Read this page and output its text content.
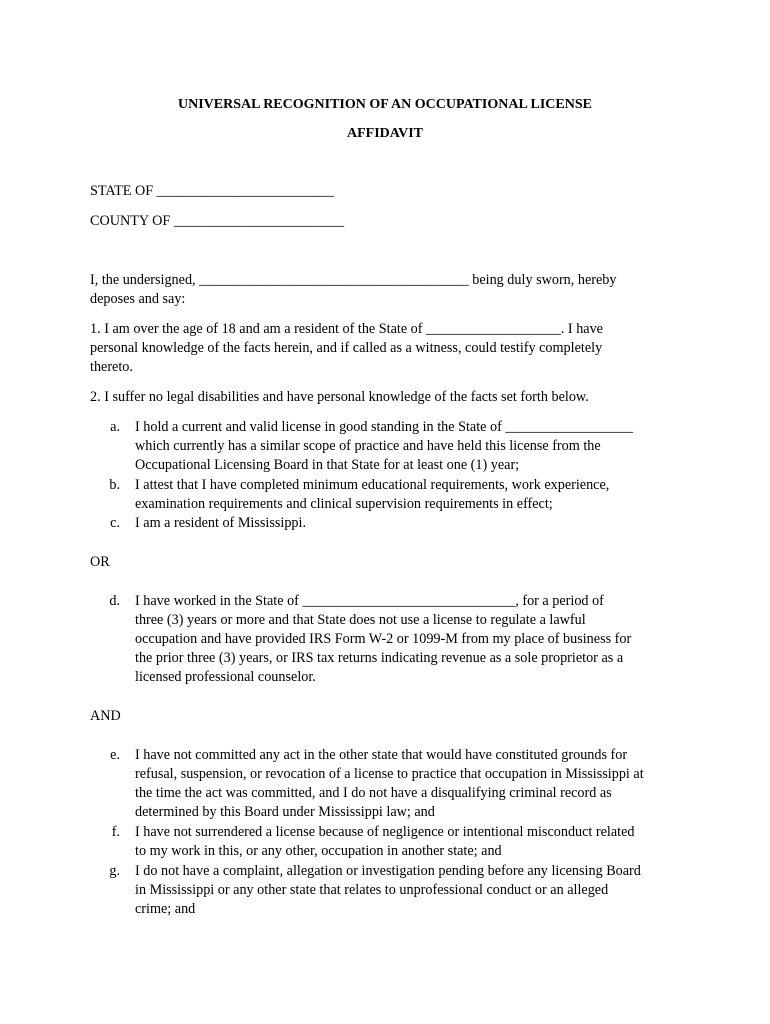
UNIVERSAL RECOGNITION OF AN OCCUPATIONAL LICENSE
AFFIDAVIT
STATE OF _________________________
COUNTY OF ________________________
I, the undersigned, ______________________________________ being duly sworn, hereby
deposes and say:
1. I am over the age of 18 and am a resident of the State of ___________________. I have
personal knowledge of the facts herein, and if called as a witness, could testify completely
thereto.
2. I suffer no legal disabilities and have personal knowledge of the facts set forth below.
a. I hold a current and valid license in good standing in the State of __________________
which currently has a similar scope of practice and have held this license from the
Occupational Licensing Board in that State for at least one (1) year;
b. I attest that I have completed minimum educational requirements, work experience,
examination requirements and clinical supervision requirements in effect;
c. I am a resident of Mississippi.
OR
d. I have worked in the State of ______________________________, for a period of
three (3) years or more and that State does not use a license to regulate a lawful
occupation and have provided IRS Form W-2 or 1099-M from my place of business for
the prior three (3) years, or IRS tax returns indicating revenue as a sole proprietor as a
licensed professional counselor.
AND
e. I have not committed any act in the other state that would have constituted grounds for
refusal, suspension, or revocation of a license to practice that occupation in Mississippi at
the time the act was committed, and I do not have a disqualifying criminal record as
determined by this Board under Mississippi law; and
f. I have not surrendered a license because of negligence or intentional misconduct related
to my work in this, or any other, occupation in another state; and
g. I do not have a complaint, allegation or investigation pending before any licensing Board
in Mississippi or any other state that relates to unprofessional conduct or an alleged
crime; and
